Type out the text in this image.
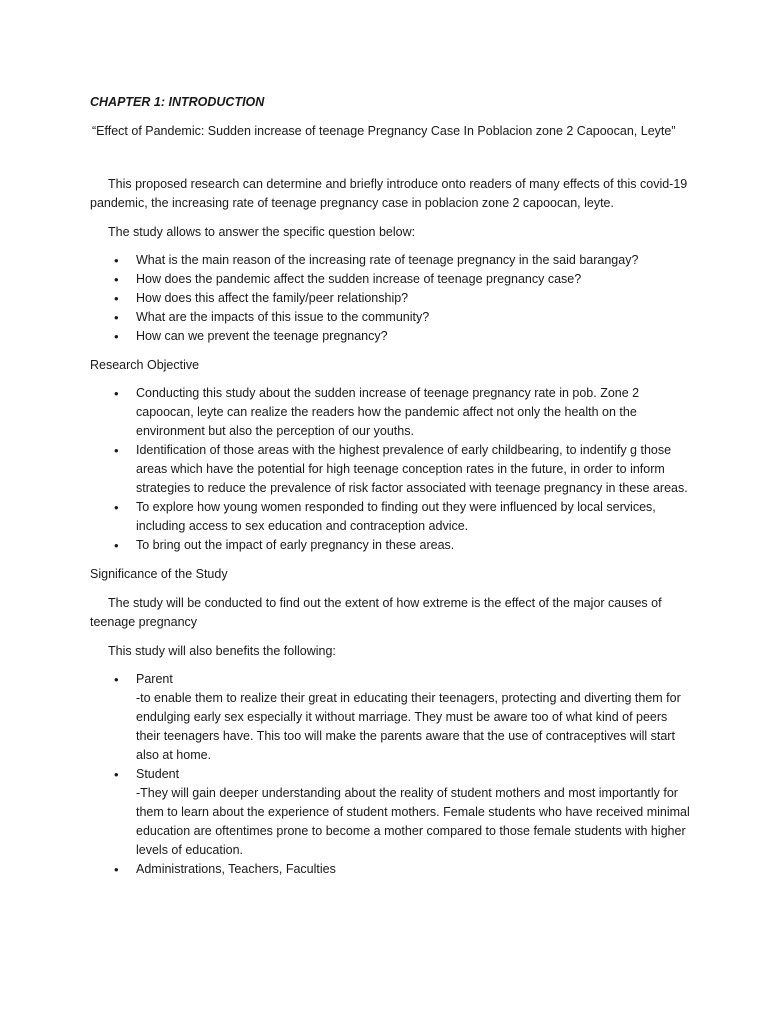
CHAPTER 1: INTRODUCTION

“Effect of Pandemic: Sudden increase of teenage Pregnancy Case In Poblacion zone 2 Capoocan, Leyte”

This proposed research can determine and briefly introduce onto readers of many effects of this covid-19 pandemic, the increasing rate of teenage pregnancy case in poblacion zone 2 capoocan, leyte.

The study allows to answer the specific question below:

• What is the main reason of the increasing rate of teenage pregnancy in the said barangay?
• How does the pandemic affect the sudden increase of teenage pregnancy case?
• How does this affect the family/peer relationship?
• What are the impacts of this issue to the community?
• How can we prevent the teenage pregnancy?

Research Objective

• Conducting this study about the sudden increase of teenage pregnancy rate in pob. Zone 2 capoocan, leyte can realize the readers how the pandemic affect not only the health on the environment but also the perception of our youths.
• Identification of those areas with the highest prevalence of early childbearing, to indentify g those areas which have the potential for high teenage conception rates in the future, in order to inform strategies to reduce the prevalence of risk factor associated with teenage pregnancy in these areas.
• To explore how young women responded to finding out they were influenced by local services, including access to sex education and contraception advice.
• To bring out the impact of early pregnancy in these areas.

Significance of the Study

The study will be conducted to find out the extent of how extreme is the effect of the major causes of teenage pregnancy

This study will also benefits the following:

• Parent
-to enable them to realize their great in educating their teenagers, protecting and diverting them for endulging early sex especially it without marriage. They must be aware too of what kind of peers their teenagers have. This too will make the parents aware that the use of contraceptives will start also at home.
• Student
-They will gain deeper understanding about the reality of student mothers and most importantly for them to learn about the experience of student mothers. Female students who have received minimal education are oftentimes prone to become a mother compared to those female students with higher levels of education.
• Administrations, Teachers, Faculties
